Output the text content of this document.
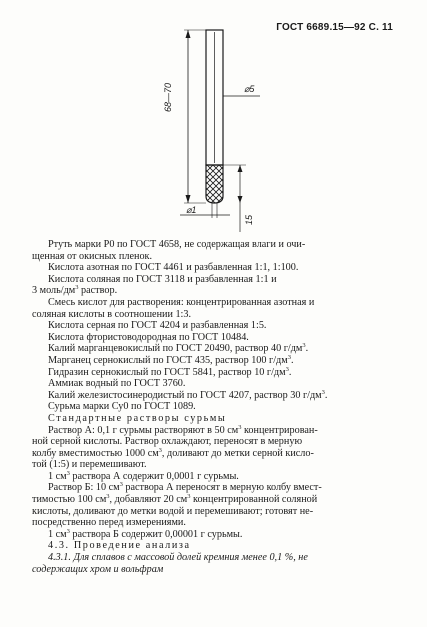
ГОСТ 6689.15—92 С. 11
68—70	⌀5
⌀1
15

Ртуть марки Р0 по ГОСТ 4658, не содержащая влаги и очи-

щенная от окисных пленок.

Кислота азотная по ГОСТ 4461 и разбавленная 1:1, 1:100.

Кислота соляная по ГОСТ 3118 и разбавленная 1:1 и

3 моль/$дм^3$ раствор.

Смесь кислот для растворения: концентрированная азотная и

соляная кислоты в соотношении 1:3.

Кислота серная по ГОСТ 4204 и разбавленная 1:5.

Кислота фтористоводородная по ГОСТ 10484.

Калий марганцевокислый по ГОСТ 20490, раствор 40 $г/дм^3$.

Марганец сернокислый по ГОСТ 435, раствор 100 $г/дм^3$.

Гидразин сернокислый по ГОСТ 5841, раствор 10 $г/дм^3$.

Аммиак водный по ГОСТ 3760.

Калий железистосинеродистый по ГОСТ 4207, раствор 30 $г/дм^3$.

Сурьма марки Су0 по ГОСТ 1089.

Стандартные растворы сурьмы

Раствор А: 0,1 г сурьмы растворяют в 50 $см^3$ концентрирован-

ной серной кислоты. Раствор охлаждают, переносят в мерную

колбу вместимостью 1000 $см^3$, доливают до метки серной кисло-

той (1:5) и перемешивают.

1 $см^3$ раствора А содержит 0,0001 г сурьмы.

Раствор Б: 10 $см^3$ раствора А переносят в мерную колбу вмест-

тимостью 100 $см^3$, добавляют 20 $см^3$ концентрированной соляной

кислоты, доливают до метки водой и перемешивают; готовят не-

посредственно перед измерениями.

1 $см^3$ раствора Б содержит 0,00001 г сурьмы.

4.3. Проведение анализа

4.3.1. Для сплавов с массовой долей кремния менее 0,1 %, не

содержащих хром и вольфрам
